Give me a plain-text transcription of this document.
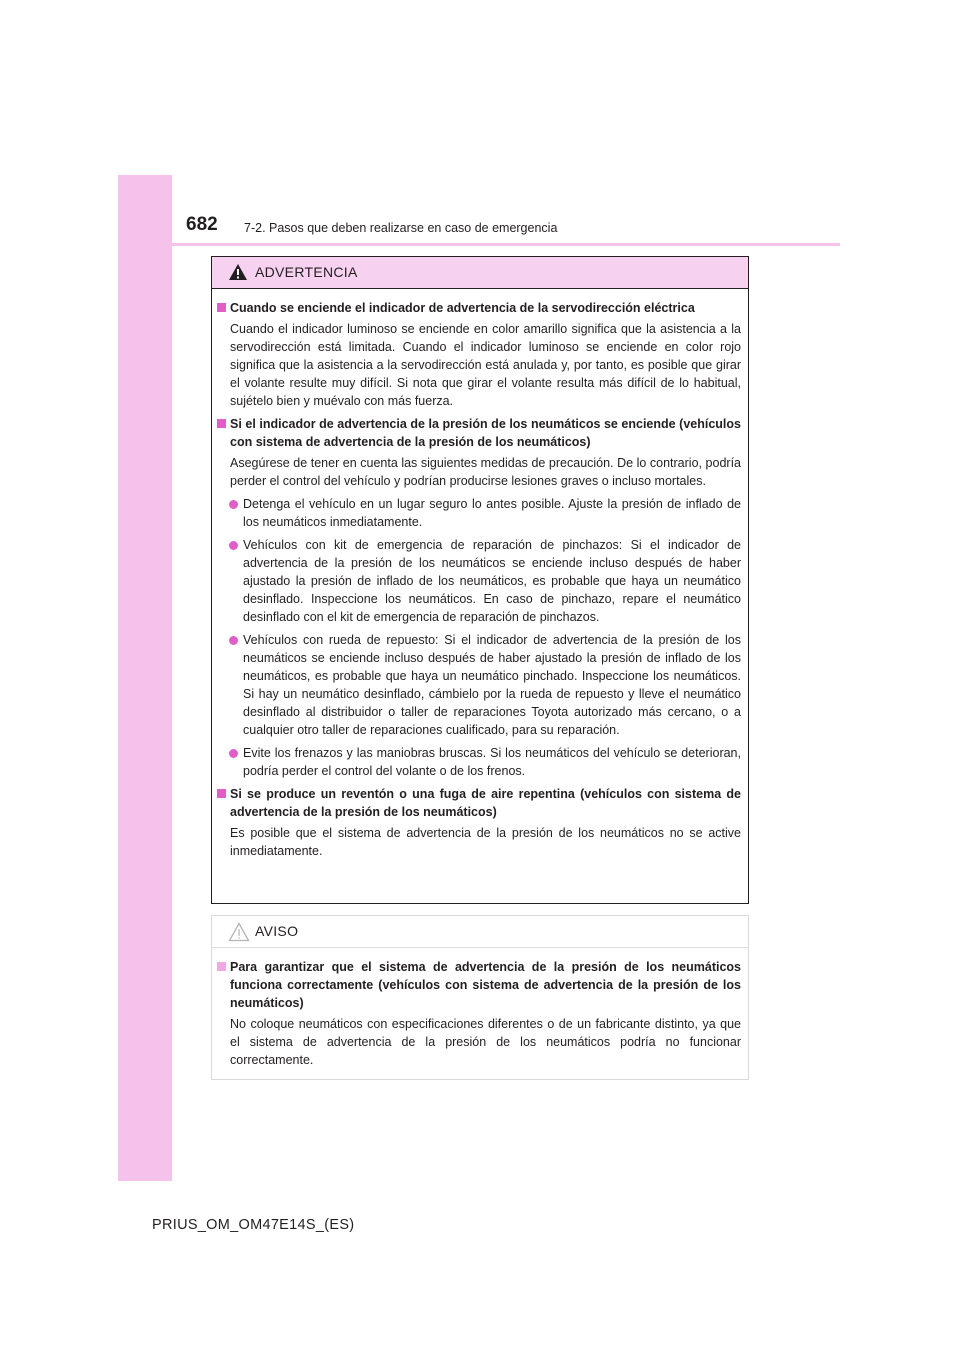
682 7-2. Pasos que deben realizarse en caso de emergencia
ADVERTENCIA
Cuando se enciende el indicador de advertencia de la servodirección eléctrica
Cuando el indicador luminoso se enciende en color amarillo significa que la asistencia a la servodirección está limitada. Cuando el indicador luminoso se enciende en color rojo significa que la asistencia a la servodirección está anulada y, por tanto, es posible que girar el volante resulte muy difícil. Si nota que girar el volante resulta más difícil de lo habitual, sujételo bien y muévalo con más fuerza.
Si el indicador de advertencia de la presión de los neumáticos se enciende (vehículos con sistema de advertencia de la presión de los neumáticos)
Asegúrese de tener en cuenta las siguientes medidas de precaución. De lo contrario, podría perder el control del vehículo y podrían producirse lesiones graves o incluso mortales.
Detenga el vehículo en un lugar seguro lo antes posible. Ajuste la presión de inflado de los neumáticos inmediatamente.
Vehículos con kit de emergencia de reparación de pinchazos: Si el indicador de advertencia de la presión de los neumáticos se enciende incluso después de haber ajustado la presión de inflado de los neumáticos, es probable que haya un neumático desinflado. Inspeccione los neumáticos. En caso de pinchazo, repare el neumático desinflado con el kit de emergencia de reparación de pinchazos.
Vehículos con rueda de repuesto: Si el indicador de advertencia de la presión de los neumáticos se enciende incluso después de haber ajustado la presión de inflado de los neumáticos, es probable que haya un neumático pinchado. Inspeccione los neumáticos. Si hay un neumático desinflado, cámbielo por la rueda de repuesto y lleve el neumático desinflado al distribuidor o taller de reparaciones Toyota autorizado más cercano, o a cualquier otro taller de reparaciones cualificado, para su reparación.
Evite los frenazos y las maniobras bruscas. Si los neumáticos del vehículo se deterioran, podría perder el control del volante o de los frenos.
Si se produce un reventón o una fuga de aire repentina (vehículos con sistema de advertencia de la presión de los neumáticos)
Es posible que el sistema de advertencia de la presión de los neumáticos no se active inmediatamente.
AVISO
Para garantizar que el sistema de advertencia de la presión de los neumáticos funciona correctamente (vehículos con sistema de advertencia de la presión de los neumáticos)
No coloque neumáticos con especificaciones diferentes o de un fabricante distinto, ya que el sistema de advertencia de la presión de los neumáticos podría no funcionar correctamente.
PRIUS_OM_OM47E14S_(ES)
